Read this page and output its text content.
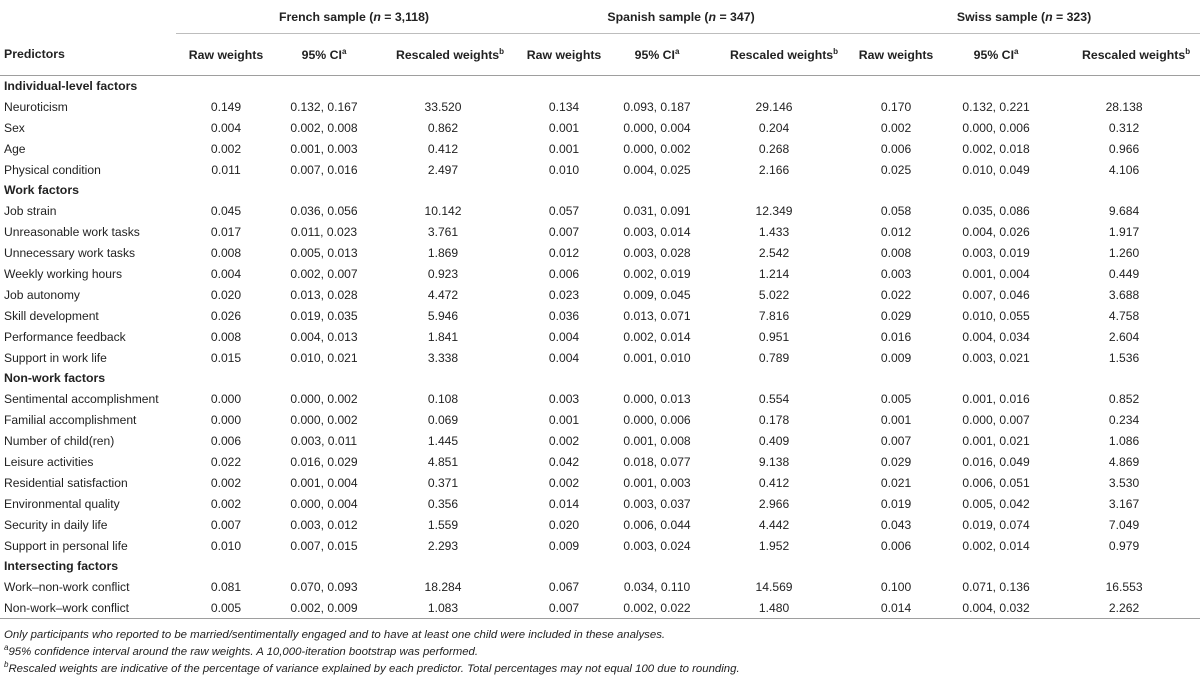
	French sample (n = 3,118)			Spanish sample (n = 347)			Swiss sample (n = 323)		
Predictors	Raw weights	95% $CI^a$	Rescaled weights$^b$	Raw weights	95% $CI^a$	Rescaled weights$^b$	Raw weights	95% $CI^a$	Rescaled weights$^b$
Individual-level factors									
Neuroticism	0.149	0.132, 0.167	33.520	0.134	0.093, 0.187	29.146	0.170	0.132, 0.221	28.138
Sex	0.004	0.002, 0.008	0.862	0.001	0.000, 0.004	0.204	0.002	0.000, 0.006	0.312
Age	0.002	0.001, 0.003	0.412	0.001	0.000, 0.002	0.268	0.006	0.002, 0.018	0.966
Physical condition	0.011	0.007, 0.016	2.497	0.010	0.004, 0.025	2.166	0.025	0.010, 0.049	4.106
Work factors									
Job strain	0.045	0.036, 0.056	10.142	0.057	0.031, 0.091	12.349	0.058	0.035, 0.086	9.684
Unreasonable work tasks	0.017	0.011, 0.023	3.761	0.007	0.003, 0.014	1.433	0.012	0.004, 0.026	1.917
Unnecessary work tasks	0.008	0.005, 0.013	1.869	0.012	0.003, 0.028	2.542	0.008	0.003, 0.019	1.260
Weekly working hours	0.004	0.002, 0.007	0.923	0.006	0.002, 0.019	1.214	0.003	0.001, 0.004	0.449
Job autonomy	0.020	0.013, 0.028	4.472	0.023	0.009, 0.045	5.022	0.022	0.007, 0.046	3.688
Skill development	0.026	0.019, 0.035	5.946	0.036	0.013, 0.071	7.816	0.029	0.010, 0.055	4.758
Performance feedback	0.008	0.004, 0.013	1.841	0.004	0.002, 0.014	0.951	0.016	0.004, 0.034	2.604
Support in work life	0.015	0.010, 0.021	3.338	0.004	0.001, 0.010	0.789	0.009	0.003, 0.021	1.536
Non-work factors									
Sentimental accomplishment	0.000	0.000, 0.002	0.108	0.003	0.000, 0.013	0.554	0.005	0.001, 0.016	0.852
Familial accomplishment	0.000	0.000, 0.002	0.069	0.001	0.000, 0.006	0.178	0.001	0.000, 0.007	0.234
Number of child(ren)	0.006	0.003, 0.011	1.445	0.002	0.001, 0.008	0.409	0.007	0.001, 0.021	1.086
Leisure activities	0.022	0.016, 0.029	4.851	0.042	0.018, 0.077	9.138	0.029	0.016, 0.049	4.869
Residential satisfaction	0.002	0.001, 0.004	0.371	0.002	0.001, 0.003	0.412	0.021	0.006, 0.051	3.530
Environmental quality	0.002	0.000, 0.004	0.356	0.014	0.003, 0.037	2.966	0.019	0.005, 0.042	3.167
Security in daily life	0.007	0.003, 0.012	1.559	0.020	0.006, 0.044	4.442	0.043	0.019, 0.074	7.049
Support in personal life	0.010	0.007, 0.015	2.293	0.009	0.003, 0.024	1.952	0.006	0.002, 0.014	0.979
Intersecting factors									
Work–non-work conflict	0.081	0.070, 0.093	18.284	0.067	0.034, 0.110	14.569	0.100	0.071, 0.136	16.553
Non-work–work conflict	0.005	0.002, 0.009	1.083	0.007	0.002, 0.022	1.480	0.014	0.004, 0.032	2.262
Only participants who reported to be married/sentimentally engaged and to have at least one child were included in these analyses.
$^a$95% confidence interval around the raw weights. A 10,000-iteration bootstrap was performed.
$^b$Rescaled weights are indicative of the percentage of variance explained by each predictor. Total percentages may not equal 100 due to rounding.
